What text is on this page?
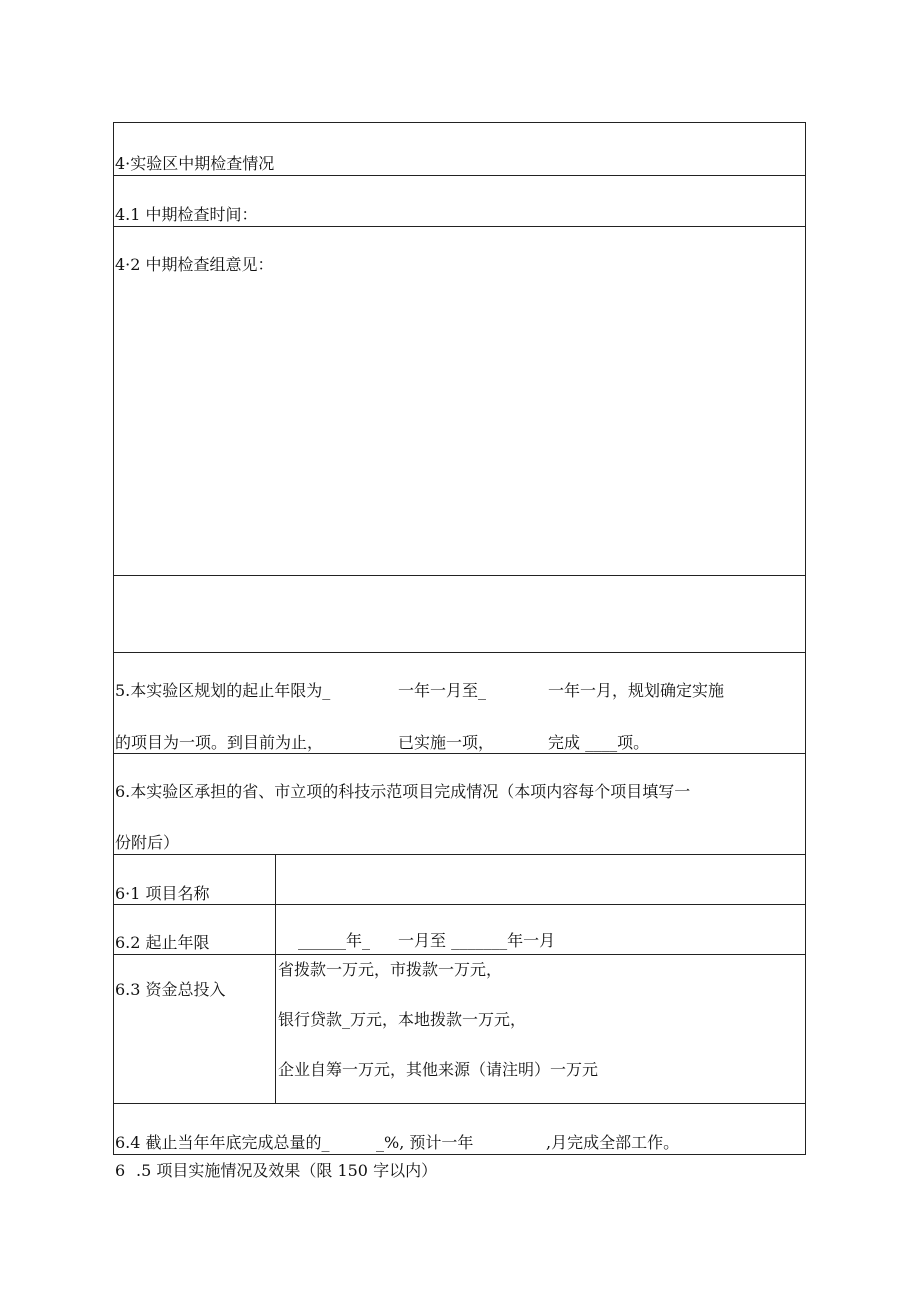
4·实验区中期检查情况
4.1 中期检查时间：
4·2 中期检查组意见：
5.本实验区规划的起止年限为_	一年一月至_	一年一月，规划确定实施
的项目为一项。到目前为止，	已实施一项，	完成 ____项。
6.本实验区承担的省、市立项的科技示范项目完成情况（本项内容每个项目填写一
份附后）
6·1 项目名称
6.2 起止年限	______年_ 一月至 _______年一月
6.3 资金总投入
省拨款一万元，市拨款一万元，
银行贷款_万元，本地拨款一万元，
企业自筹一万元，其他来源（请注明）一万元
6.4 截止当年年底完成总量的_	_%, 预计一年	,月完成全部工作。
6 .5 项目实施情况及效果（限 150 字以内）
